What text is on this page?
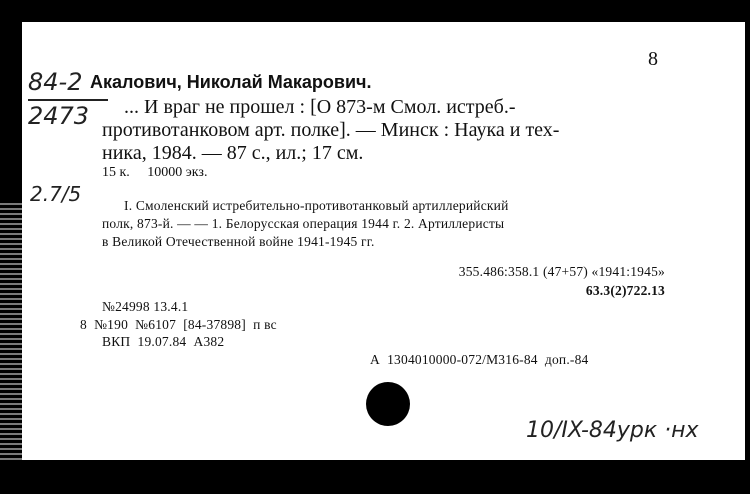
8
84-2
2473
Акалович, Николай Макарович.
... И враг не прошел : [О 873-м Смол. истреб.-
противотанковом арт. полке]. — Минск : Наука и тех-
ника, 1984. — 87 с., ил.; 17 см.
15 к.     10000 экз.
2.7/5	I. Смоленский истребительно-противотанковый артиллерийский
полк, 873-й. — — 1. Белорусская операция 1944 г. 2. Артиллеристы
в Великой Отечественной войне 1941-1945 гг.
355.486:358.1 (47+57) «1941:1945»
63.3(2)722.13
№24998 13.4.1
8  №190  №6107  [84-37898]  п вс
ВКП  19.07.84  А382
А  1304010000-072/М316-84  доп.-84
10/IX-84урк ·нх
